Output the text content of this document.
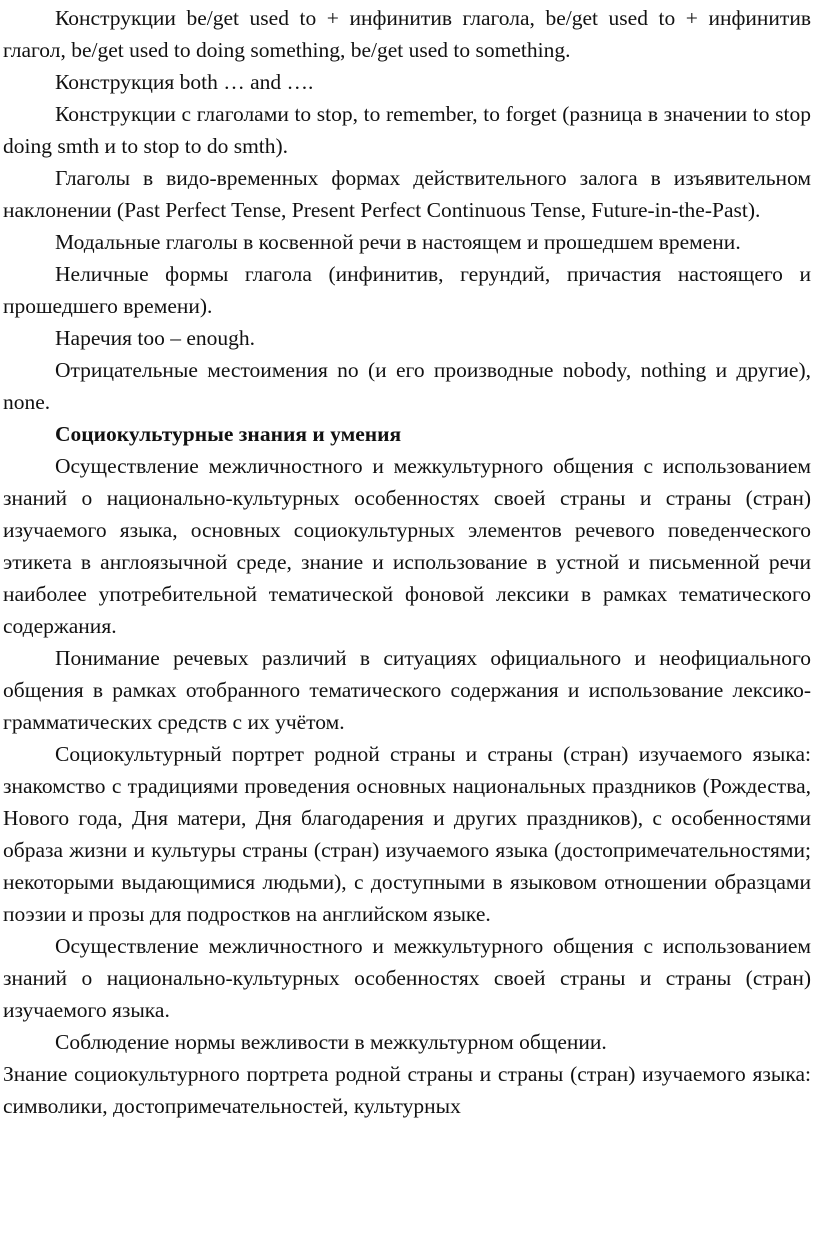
Конструкции be/get used to + инфинитив глагола, be/get used to + инфинитив глагол, be/get used to doing something, be/get used to something.

Конструкция both … and ….

Конструкции с глаголами to stop, to remember, to forget (разница в значении to stop doing smth и to stop to do smth).

Глаголы в видо-временных формах действительного залога в изъявительном наклонении (Past Perfect Tense, Present Perfect Continuous Tense, Future-in-the-Past).

Модальные глаголы в косвенной речи в настоящем и прошедшем времени.

Неличные формы глагола (инфинитив, герундий, причастия настоящего и прошедшего времени).

Наречия too – enough.

Отрицательные местоимения no (и его производные nobody, nothing и другие), none.

Социокультурные знания и умения

Осуществление межличностного и межкультурного общения с использованием знаний о национально-культурных особенностях своей страны и страны (стран) изучаемого языка, основных социокультурных элементов речевого поведенческого этикета в англоязычной среде, знание и использование в устной и письменной речи наиболее употребительной тематической фоновой лексики в рамках тематического содержания.

Понимание речевых различий в ситуациях официального и неофициального общения в рамках отобранного тематического содержания и использование лексико-грамматических средств с их учётом.

Социокультурный портрет родной страны и страны (стран) изучаемого языка: знакомство с традициями проведения основных национальных праздников (Рождества, Нового года, Дня матери, Дня благодарения и других праздников), с особенностями образа жизни и культуры страны (стран) изучаемого языка (достопримечательностями; некоторыми выдающимися людьми), с доступными в языковом отношении образцами поэзии и прозы для подростков на английском языке.

Осуществление межличностного и межкультурного общения с использованием знаний о национально-культурных особенностях своей страны и страны (стран) изучаемого языка.

Соблюдение нормы вежливости в межкультурном общении.

Знание социокультурного портрета родной страны и страны (стран) изучаемого языка: символики, достопримечательностей, культурных
